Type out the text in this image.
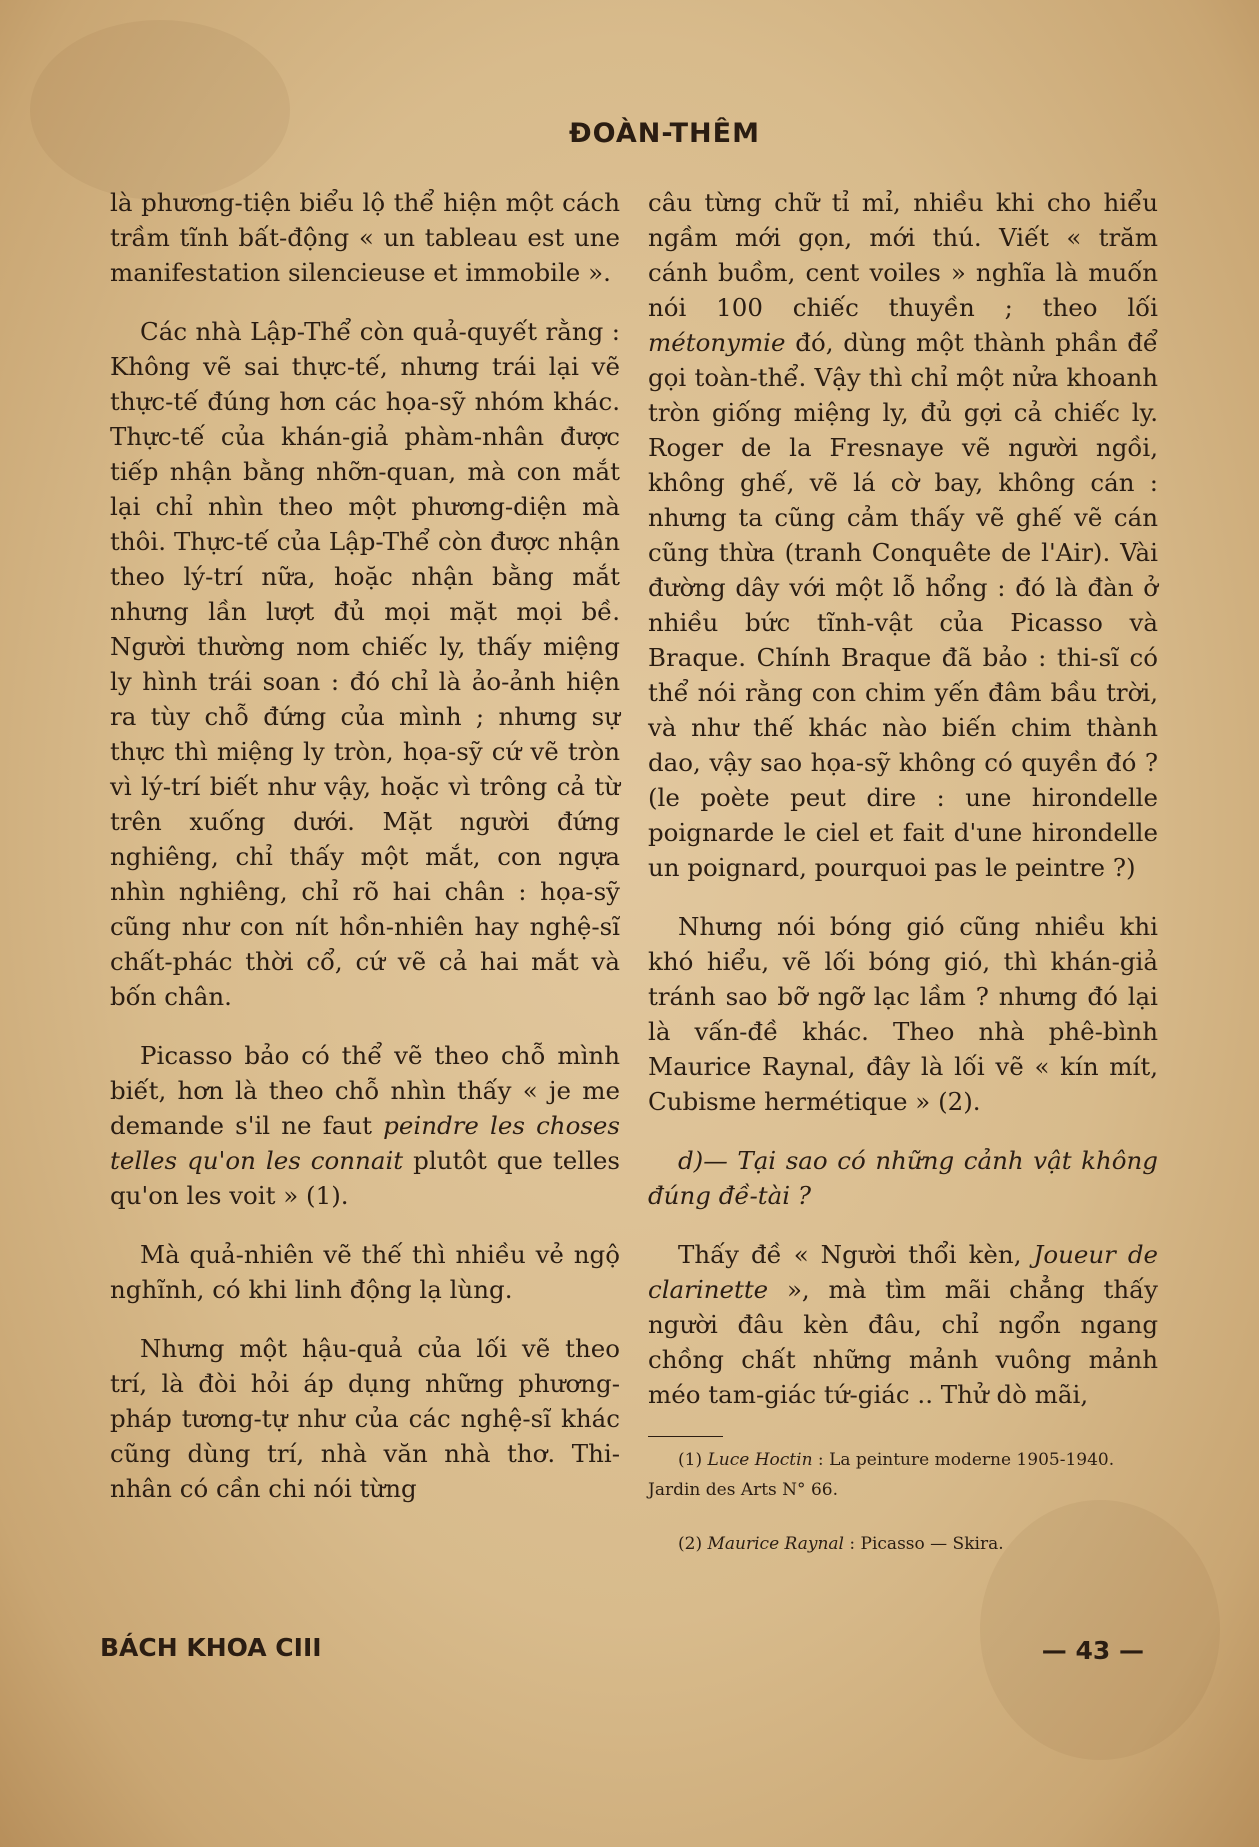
ĐOÀN-THÊM

là phương-tiện biểu lộ thể hiện một cách trầm tĩnh bất-động « un tableau est une manifestation silencieuse et immobile ».

Các nhà Lập-Thể còn quả-quyết rằng : Không vẽ sai thực-tế, nhưng trái lại vẽ thực-tế đúng hơn các họa-sỹ nhóm khác. Thực-tế của khán-giả phàm-nhân được tiếp nhận bằng nhỡn-quan, mà con mắt lại chỉ nhìn theo một phương-diện mà thôi. Thực-tế của Lập-Thể còn được nhận theo lý-trí nữa, hoặc nhận bằng mắt nhưng lần lượt đủ mọi mặt mọi bề. Người thường nom chiếc ly, thấy miệng ly hình trái soan : đó chỉ là ảo-ảnh hiện ra tùy chỗ đứng của mình ; nhưng sự thực thì miệng ly tròn, họa-sỹ cứ vẽ tròn vì lý-trí biết như vậy, hoặc vì trông cả từ trên xuống dưới. Mặt người đứng nghiêng, chỉ thấy một mắt, con ngựa nhìn nghiêng, chỉ rõ hai chân : họa-sỹ cũng như con nít hồn-nhiên hay nghệ-sĩ chất-phác thời cổ, cứ vẽ cả hai mắt và bốn chân.

Picasso bảo có thể vẽ theo chỗ mình biết, hơn là theo chỗ nhìn thấy « je me demande s'il ne faut peindre les choses telles qu'on les connait plutôt que telles qu'on les voit » (1).

Mà quả-nhiên vẽ thế thì nhiều vẻ ngộ nghĩnh, có khi linh động lạ lùng.

Nhưng một hậu-quả của lối vẽ theo trí, là đòi hỏi áp dụng những phương-pháp tương-tự như của các nghệ-sĩ khác cũng dùng trí, nhà văn nhà thơ. Thi-nhân có cần chi nói từng

câu từng chữ tỉ mỉ, nhiều khi cho hiểu ngầm mới gọn, mới thú. Viết « trăm cánh buồm, cent voiles » nghĩa là muốn nói 100 chiếc thuyền ; theo lối métonymie đó, dùng một thành phần để gọi toàn-thể. Vậy thì chỉ một nửa khoanh tròn giống miệng ly, đủ gợi cả chiếc ly. Roger de la Fresnaye vẽ người ngồi, không ghế, vẽ lá cờ bay, không cán : nhưng ta cũng cảm thấy vẽ ghế vẽ cán cũng thừa (tranh Conquête de l'Air). Vài đường dây với một lỗ hổng : đó là đàn ở nhiều bức tĩnh-vật của Picasso và Braque. Chính Braque đã bảo : thi-sĩ có thể nói rằng con chim yến đâm bầu trời, và như thế khác nào biến chim thành dao, vậy sao họa-sỹ không có quyền đó ? (le poète peut dire : une hirondelle poignarde le ciel et fait d'une hirondelle un poignard, pourquoi pas le peintre ?)

Nhưng nói bóng gió cũng nhiều khi khó hiểu, vẽ lối bóng gió, thì khán-giả tránh sao bỡ ngỡ lạc lầm ? nhưng đó lại là vấn-đề khác. Theo nhà phê-bình Maurice Raynal, đây là lối vẽ « kín mít, Cubisme hermétique » (2).

d)— Tại sao có những cảnh vật không đúng đề-tài ?

Thấy đề « Người thổi kèn, Joueur de clarinette », mà tìm mãi chẳng thấy người đâu kèn đâu, chỉ ngổn ngang chồng chất những mảnh vuông mảnh méo tam-giác tứ-giác .. Thử dò mãi,

(1) Luce Hoctin : La peinture moderne 1905-1940. Jardin des Arts N° 66.

(2) Maurice Raynal : Picasso — Skira.

BÁCH KHOA CIII	— 43 —
